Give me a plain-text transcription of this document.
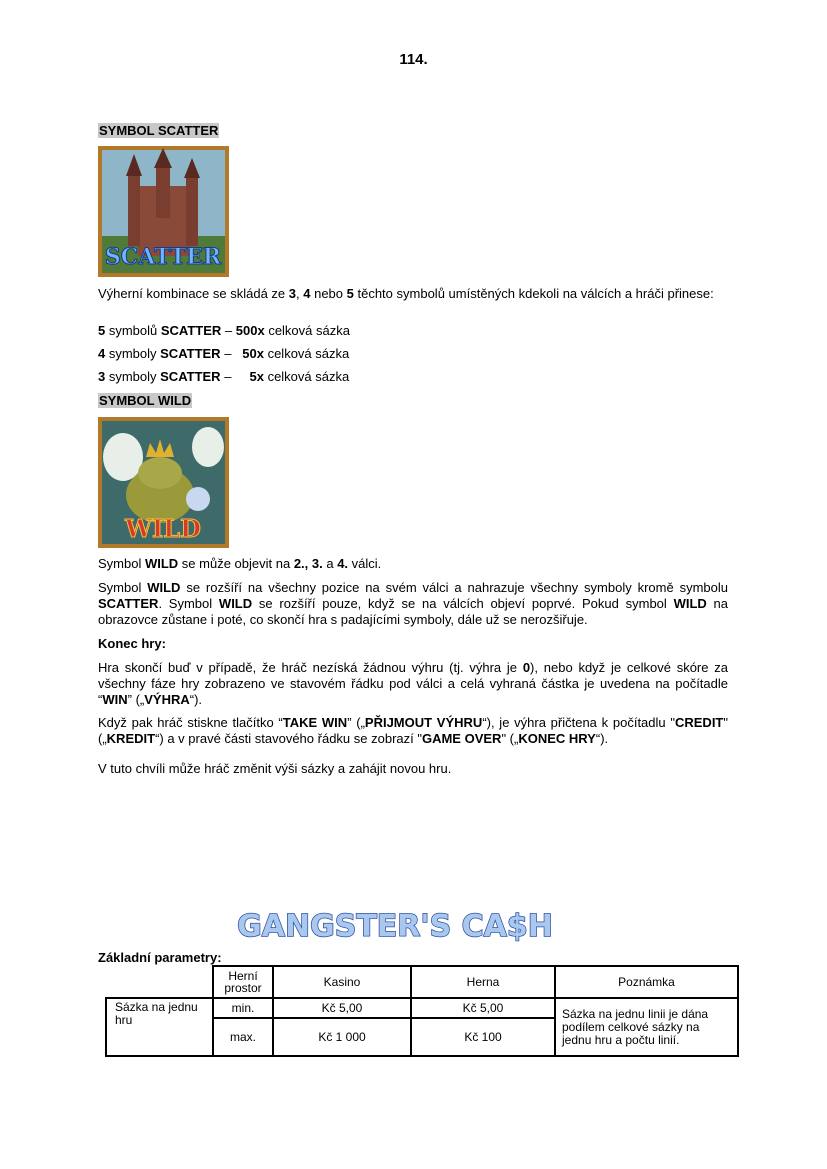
114.
SYMBOL SCATTER
SCATTER
Výherní kombinace se skládá ze 3, 4 nebo 5 těchto symbolů umístěných kdekoli na válcích a hráči přinese:
5 symbolů SCATTER – 500x celková sázka
4 symboly SCATTER –   50x celková sázka
3 symboly SCATTER –     5x celková sázka
SYMBOL WILD
WILD
Symbol WILD se může objevit na 2., 3. a 4. válci.
Symbol WILD se rozšíří na všechny pozice na svém válci a nahrazuje všechny symboly kromě symbolu SCATTER. Symbol WILD se rozšíří pouze, když se na válcích objeví poprvé. Pokud symbol WILD na obrazovce zůstane i poté, co skončí hra s padajícími symboly, dále už se nerozšiřuje.
Konec hry:
Hra skončí buď v případě, že hráč nezíská žádnou výhru (tj. výhra je 0), nebo když je celkové skóre za všechny fáze hry zobrazeno ve stavovém řádku pod válci a celá vyhraná částka je uvedena na počítadle “WIN” („VÝHRA“).
Když pak hráč stiskne tlačítko “TAKE WIN” („PŘIJMOUT VÝHRU“), je výhra přičtena k počítadlu "CREDIT" („KREDIT“) a v pravé části stavového řádku se zobrazí "GAME OVER" („KONEC HRY“).
V tuto chvíli může hráč změnit výši sázky a zahájit novou hru.
GANGSTER'S CA$H
Základní parametry:
	Herní prostor	Kasino	Herna	Poznámka
Sázka na jednu hru	min.	Kč 5,00	Kč 5,00	Sázka na jednu linii je dána podílem celkové sázky na jednu hru a počtu linií.
	max.	Kč 1 000	Kč 100	
